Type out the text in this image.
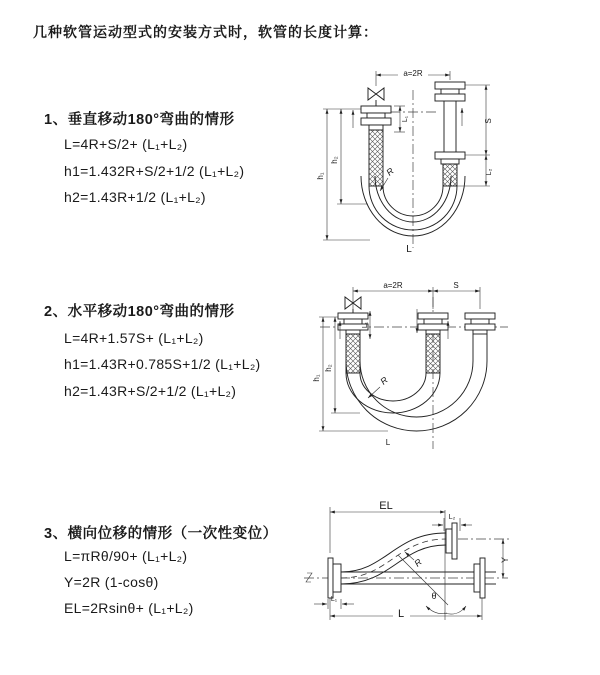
几种软管运动型式的安装方式时，软管的长度计算：
1、垂直移动180°弯曲的情形
L=4R+S/2+ (L₁+L₂)
h1=1.432R+S/2+1/2 (L₁+L₂)
h2=1.43R+1/2 (L₁+L₂)
2、水平移动180°弯曲的情形
L=4R+1.57S+ (L₁+L₂)
h1=1.43R+0.785S+1/2 (L₁+L₂)
h2=1.43R+S/2+1/2 (L₁+L₂)
3、横向位移的情形（一次性变位）
L=πRθ/90+ (L₁+L₂)
Y=2R (1-cosθ)
EL=2Rsinθ+ (L₁+L₂)
a=2R
h₁
h₂
L₁	S
L₂
R
L
a=2R	S
h₁
h₂
L₁
R
L
EL
L₂
Y
L
L₁
R
θ
